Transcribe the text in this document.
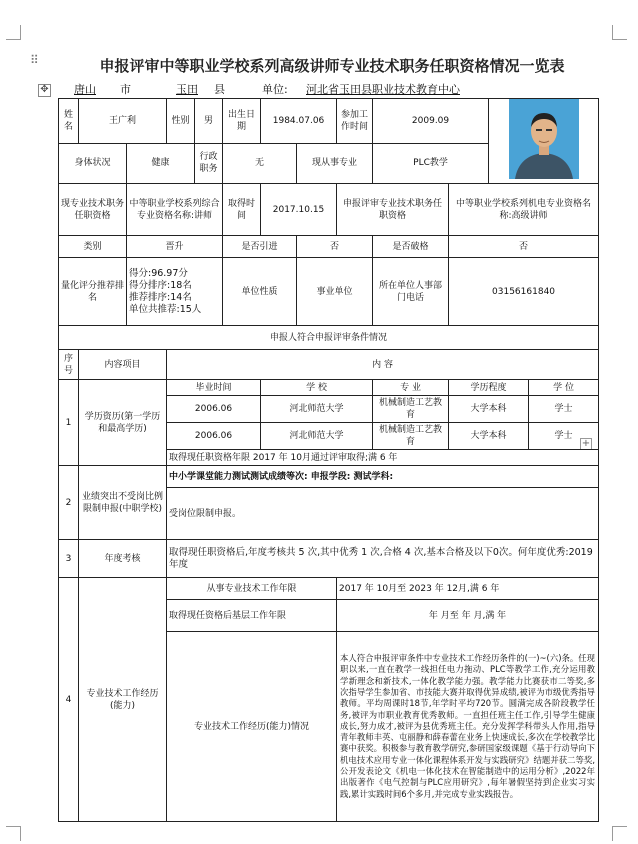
⠿	申报评审中等职业学校系列高级讲师专业技术职务任职资格情况一览表
✥
+
唐山 市	玉田 县	单位: 河北省玉田县职业技术教育中心
姓名	王广利		性别	男	出生日期	1984.07.06		参加工作时间	2009.09	
身体状况		健康		行政职务	无		现从事专业		PLC教学			
现专业技术职务任职资格		中等职业学校系列综合专业资格名称:讲师			取得时间	2017.10.15		申报评审专业技术职务任职资格		中等职业学校系列机电专业资格名称:高级讲师		
类别		晋升			是否引进		否		是否破格	否		
量化评分推荐排名		得分:96.97分
得分排序:18名
推荐排序:14名
单位共推荐:15人			单位性质		事业单位		所在单位人事部门电话	03156161840		
申报人符合申报评审条件情况												
序号	内容项目		内 容									
1	学历资历(第一学历和最高学历)		毕业时间			学 校			专 业	学历程度		学 位
			2006.06			河北师范大学			机械制造工艺教育	大学本科		学士
			2006.06			河北师范大学			机械制造工艺教育	大学本科		学士
			取得现任职资格年限 2017 年 10月通过评审取得;满 6 年									
2	业绩突出不受岗比例限制申报(中职学校)		中小学课堂能力测试测试成绩等次: 申报学段: 测试学科:									
			受岗位限制申报。									
3	年度考核		取得现任职资格后,年度考核共 5 次,其中优秀 1 次,合格 4 次,基本合格及以下0次。何年度优秀:2019年度									
4	专业技术工作经历(能力)		从事专业技术工作年限					2017 年 10月至 2023 年 12月,满 6 年				
			取得现任资格后基层工作年限					年 月至 年 月,满 年				
			专业技术工作经历(能力)情况					本人符合申报评审条件中专业技术工作经历条件的(一)~(六)条。任现职以来,一直在教学一线担任电力拖动、PLC等教学工作,充分运用教学新理念和新技术,一体化教学能力强。教学能力比赛获市二等奖,多次指导学生参加省、市技能大赛并取得优异成绩,被评为市级优秀指导教师。平均周课时18节,年学时平均720节。圆满完成各阶段教学任务,被评为市职业教育优秀教师。一直担任班主任工作,引导学生健康成长,努力成才,被评为县优秀班主任。充分发挥学科带头人作用,指导青年教师丰英、屯丽静和薛春蕾在业务上快速成长,多次在学校教学比赛中获奖。积极参与教育教学研究,参研国家级课题《基于行动导向下机电技术应用专业一体化课程体系开发与实践研究》结题并获二等奖,公开发表论文《机电一体化技术在智能制造中的运用分析》,2022年出版著作《电气控制与PLC应用研究》,每年暑假坚持到企业实习实践,累计实践时间6个多月,并完成专业实践报告。				
